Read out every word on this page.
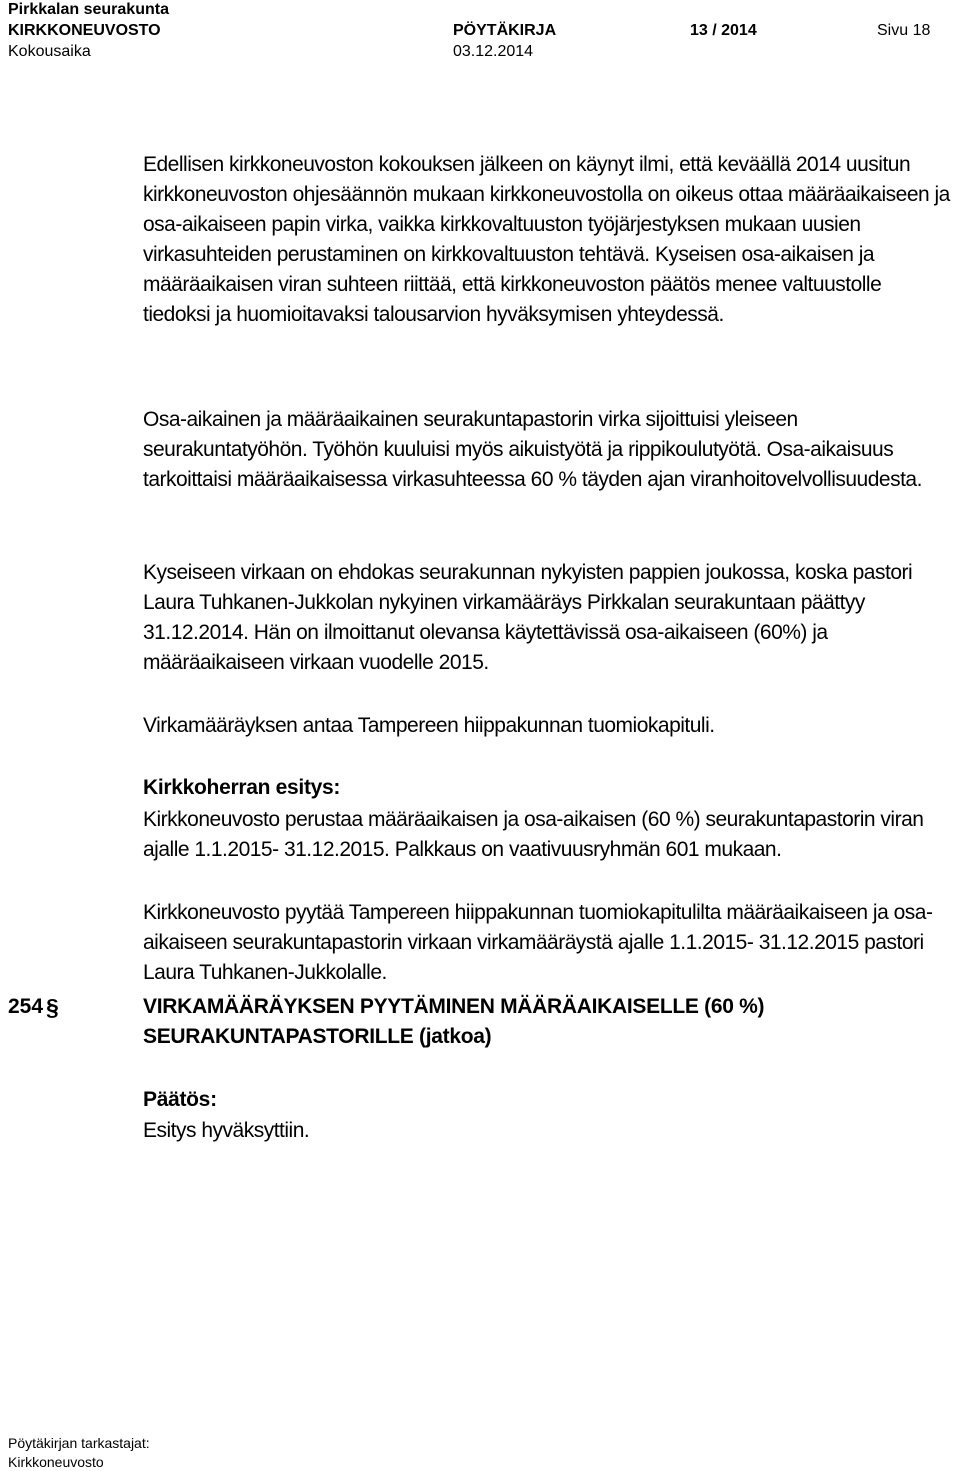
Pirkkalan seurakunta
KIRKKONEUVOSTO	PÖYTÄKIRJA	13 / 2014	Sivu 18
Kokousaika	03.12.2014

Edellisen kirkkoneuvoston kokouksen jälkeen on käynyt ilmi, että keväällä 2014 uusitun kirkkoneuvoston ohjesäännön mukaan kirkkoneuvostolla on oikeus ottaa määräaikaiseen ja osa-aikaiseen papin virka, vaikka kirkkovaltuuston työjärjestyksen mukaan uusien virkasuhteiden perustaminen on kirkkovaltuuston tehtävä. Kyseisen osa-aikaisen ja määräaikaisen viran suhteen riittää, että kirkkoneuvoston päätös menee valtuustolle tiedoksi ja huomioitavaksi talousarvion hyväksymisen yhteydessä.

Osa-aikainen ja määräaikainen seurakuntapastorin virka sijoittuisi yleiseen seurakuntatyöhön. Työhön kuuluisi myös aikuistyötä ja rippikoulutyötä. Osa-aikaisuus tarkoittaisi määräaikaisessa virkasuhteessa 60 % täyden ajan viranhoitovelvollisuudesta.

Kyseiseen virkaan on ehdokas seurakunnan nykyisten pappien joukossa, koska pastori Laura Tuhkanen-Jukkolan nykyinen virkamääräys Pirkkalan seurakuntaan päättyy 31.12.2014. Hän on ilmoittanut olevansa käytettävissä osa-aikaiseen (60%) ja määräaikaiseen virkaan vuodelle 2015.

Virkamääräyksen antaa Tampereen hiippakunnan tuomiokapituli.

Kirkkoherran esitys:

Kirkkoneuvosto perustaa määräaikaisen ja osa-aikaisen (60 %) seurakuntapastorin viran ajalle 1.1.2015- 31.12.2015. Palkkaus on vaativuusryhmän 601 mukaan.

Kirkkoneuvosto pyytää Tampereen hiippakunnan tuomiokapitulilta määräaikaiseen ja osa-aikaiseen seurakuntapastorin virkaan virkamääräystä ajalle 1.1.2015- 31.12.2015 pastori Laura Tuhkanen-Jukkolalle.

254 §	VIRKAMÄÄRÄYKSEN PYYTÄMINEN MÄÄRÄAIKAISELLE (60 %)
SEURAKUNTAPASTORILLE (jatkoa)
Päätös:
Esitys hyväksyttiin.
Pöytäkirjan tarkastajat:
Kirkkoneuvosto
